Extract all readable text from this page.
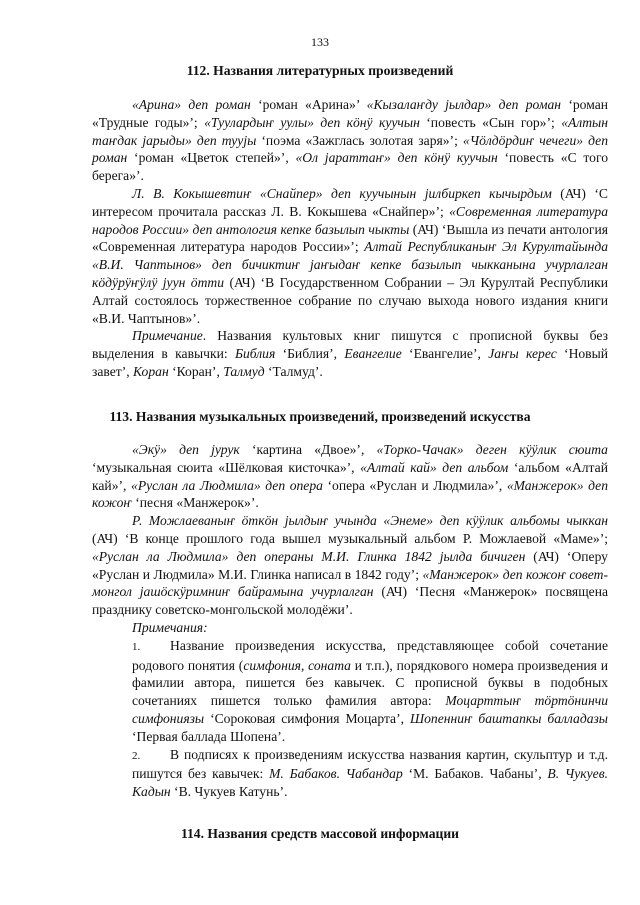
133
112. Названия литературных произведений

«Арина» деп роман ‘роман «Арина»’ «Кызалаҥду јылдар» деп роман ‘роман «Трудные годы»’; «Туулардыҥ уулы» деп кӧнӱ куучын ‘повесть «Сын гор»’; «Алтын таҥдак јарыды» деп туујы ‘поэма «Зажглась золотая заря»’; «Чӧлдӧрдиҥ чечеги» деп роман ‘роман «Цветок степей»’, «Ол јараттаҥ» деп кӧнӱ куучын ‘повесть «С того берега»’.

Л. В. Кокышевтиҥ «Снайпер» деп куучынын јилбиркеп кычырдым (АЧ) ‘С интересом прочитала рассказ Л. В. Кокышева «Снайпер»’; «Современная литература народов России» деп антология кепке базылып чыкты (АЧ) ‘Вышла из печати антология «Современная литература народов России»’; Алтай Республиканыҥ Эл Курултайында «В.И. Чаптынов» деп бичиктиҥ јаҥыдаҥ кепке базылып чыкканына учурлалган кӧдӱрӱҥӱлӱ јуун ӧтти (АЧ) ‘В Государственном Собрании – Эл Курултай Республики Алтай состоялось торжественное собрание по случаю выхода нового издания книги «В.И. Чаптынов»’.

Примечание. Названия культовых книг пишутся с прописной буквы без выделения в кавычки: Библия ‘Библия’, Евангелие ‘Евангелие’, Јаҥы керес ‘Новый завет’, Коран ‘Коран’, Талмуд ‘Талмуд’.

113. Названия музыкальных произведений, произведений искусства

«Экӱ» деп јурук ‘картина «Двое»’, «Торко-Чачак» деген кӱӱлик сюита ‘музыкальная сюита «Шёлковая кисточка»’, «Алтай кай» деп альбом ‘альбом «Алтай кай»’, «Руслан ла Людмила» деп опера ‘опера «Руслан и Людмила»’, «Манжерок» деп кожоҥ ‘песня «Манжерок»’.

Р. Можлаеваныҥ ӧткӧн јылдыҥ учында «Энеме» деп кӱӱлик альбомы чыккан (АЧ) ‘В конце прошлого года вышел музыкальный альбом Р. Можлаевой «Маме»’; «Руслан ла Людмила» деп операны М.И. Глинка 1842 јылда бичиген (АЧ) ‘Оперу «Руслан и Людмила» М.И. Глинка написал в 1842 году’; «Манжерок» деп кожоҥ совет-монгол јашӧскӱримниҥ байрамына учурлалган (АЧ) ‘Песня «Манжерок» посвящена празднику советско-монгольской молодёжи’.

Примечания:

1. Название произведения искусства, представляющее собой сочетание родового понятия (симфония, соната и т.п.), порядкового номера произведения и фамилии автора, пишется без кавычек. С прописной буквы в подобных сочетаниях пишется только фамилия автора: Моцарттыҥ тӧртӧнинчи симфониязы ‘Сороковая симфония Моцарта’, Шопенниҥ баштапкы балладазы ‘Первая баллада Шопена’.

2. В подписях к произведениям искусства названия картин, скульптур и т.д. пишутся без кавычек: М. Бабаков. Чабандар ‘М. Бабаков. Чабаны’, В. Чукуев. Кадын ‘В. Чукуев Катунь’.

114. Названия средств массовой информации
